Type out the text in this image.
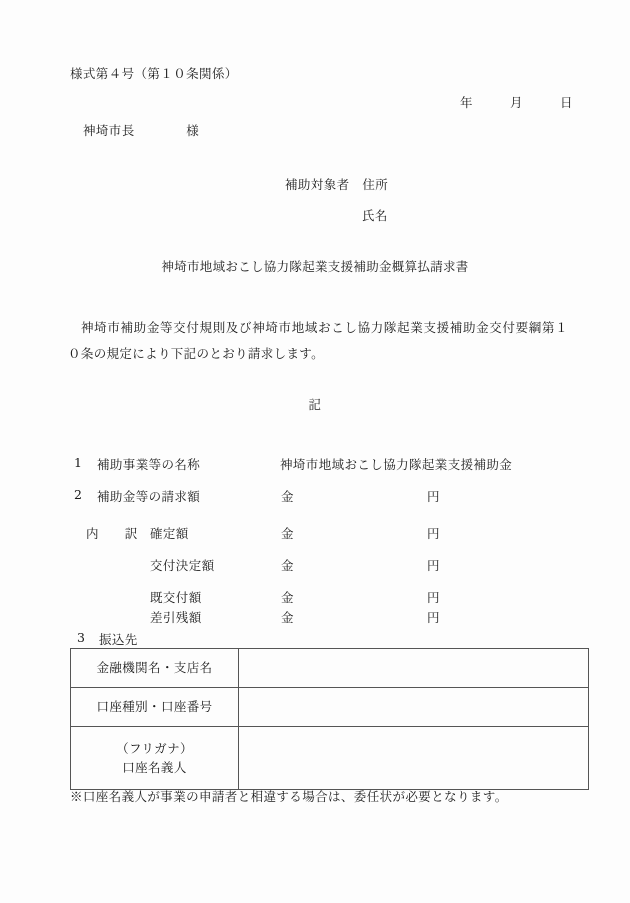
様式第４号（第１０条関係）
年　　　月　　　日
神埼市長　　　　様
補助対象者　住所
氏名
神埼市地域おこし協力隊起業支援補助金概算払請求書
神埼市補助金等交付規則及び神埼市地域おこし協力隊起業支援補助金交付要綱第１０条の規定により下記のとおり請求します。
記
1 補助事業等の名称	神埼市地域おこし協力隊起業支援補助金
2 補助金等の請求額	金	円
内　　訳 確定額	金	円
交付決定額	金	円
既交付額	金	円
差引残額	金	円
3 振込先
金融機関名・支店名	

口座種別・口座番号	

（フリガナ）
口座名義人	

※口座名義人が事業の申請者と相違する場合は、委任状が必要となります。
